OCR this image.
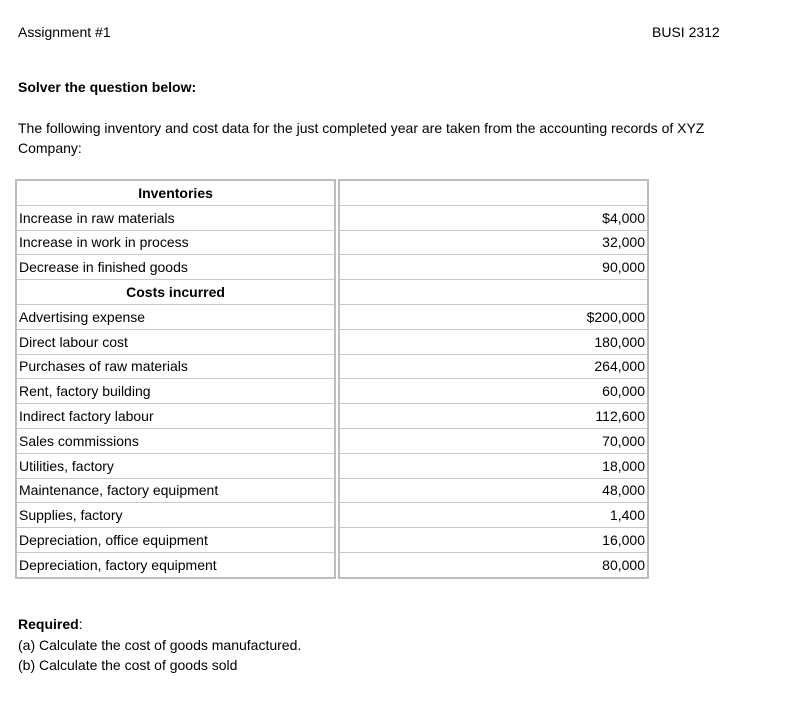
Assignment #1	BUSI 2312
Solver the question below:
The following inventory and cost data for the just completed year are taken from the accounting records of XYZ Company:
Inventories		
Increase in raw materials		$4,000
Increase in work in process		32,000
Decrease in finished goods		90,000
Costs incurred		
Advertising expense		$200,000
Direct labour cost		180,000
Purchases of raw materials		264,000
Rent, factory building		60,000
Indirect factory labour		112,600
Sales commissions		70,000
Utilities, factory		18,000
Maintenance, factory equipment		48,000
Supplies, factory		1,400
Depreciation, office equipment		16,000
Depreciation, factory equipment		80,000
Required:
(a) Calculate the cost of goods manufactured.
(b) Calculate the cost of goods sold
